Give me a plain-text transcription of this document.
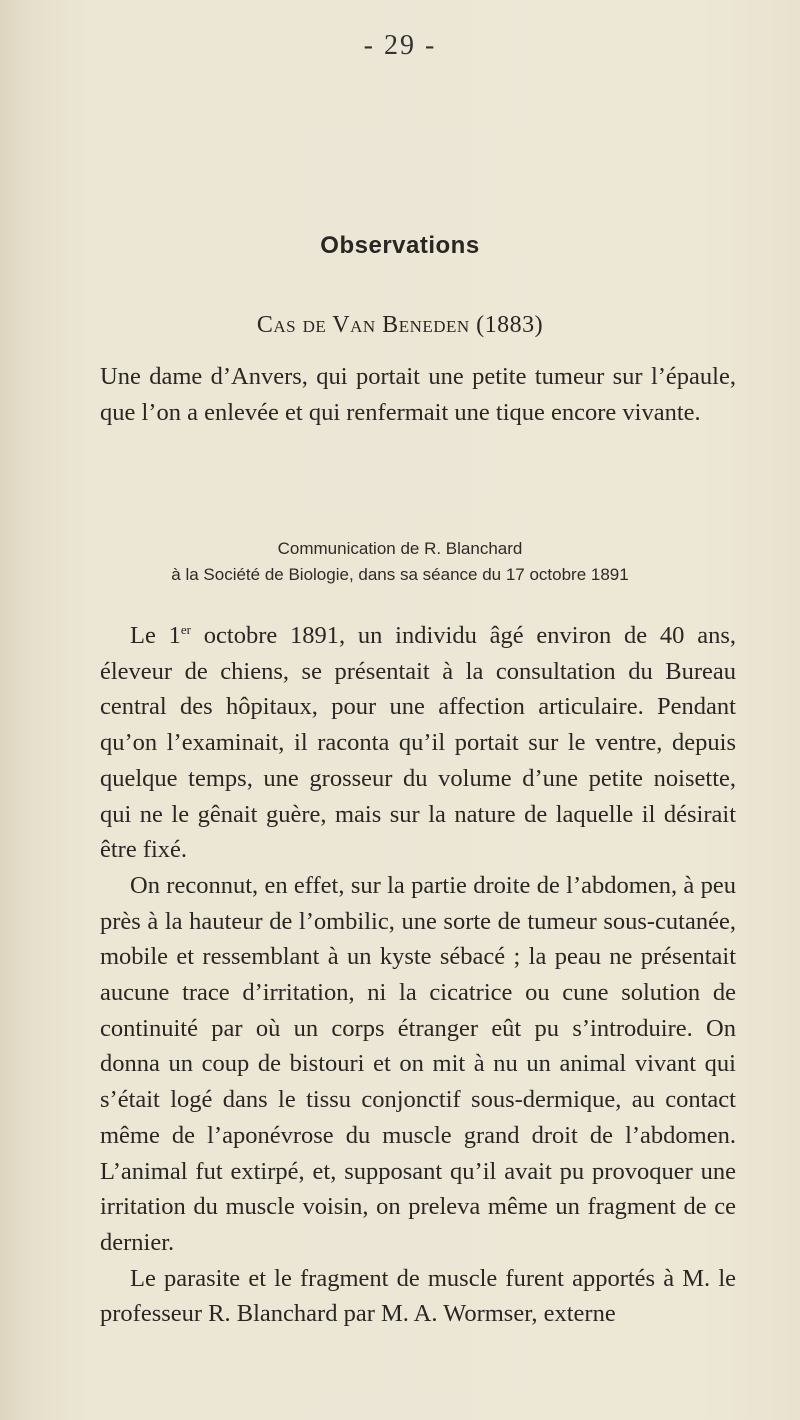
- 29 -
Observations
Cas de Van Beneden (1883)
Une dame d’Anvers, qui portait une petite tumeur sur l’épaule, que l’on a enlevée et qui renfermait une tique encore vivante.
Communication de R. Blanchard
à la Société de Biologie, dans sa séance du 17 octobre 1891

Le 1er octobre 1891, un individu âgé environ de 40 ans, éleveur de chiens, se présentait à la consultation du Bureau central des hôpitaux, pour une affection articulaire. Pendant qu’on l’examinait, il raconta qu’il portait sur le ventre, depuis quelque temps, une grosseur du volume d’une petite noisette, qui ne le gênait guère, mais sur la nature de laquelle il désirait être fixé.

On reconnut, en effet, sur la partie droite de l’abdomen, à peu près à la hauteur de l’ombilic, une sorte de tumeur sous-cutanée, mobile et ressemblant à un kyste sébacé ; la peau ne présentait aucune trace d’irritation, ni la cicatrice ou cune solution de continuité par où un corps étranger eût pu s’introduire. On donna un coup de bistouri et on mit à nu un animal vivant qui s’était logé dans le tissu conjonctif sous-dermique, au contact même de l’aponévrose du muscle grand droit de l’abdomen. L’animal fut extirpé, et, supposant qu’il avait pu provoquer une irritation du muscle voisin, on preleva même un fragment de ce dernier.

Le parasite et le fragment de muscle furent apportés à M. le professeur R. Blanchard par M. A. Wormser, externe
